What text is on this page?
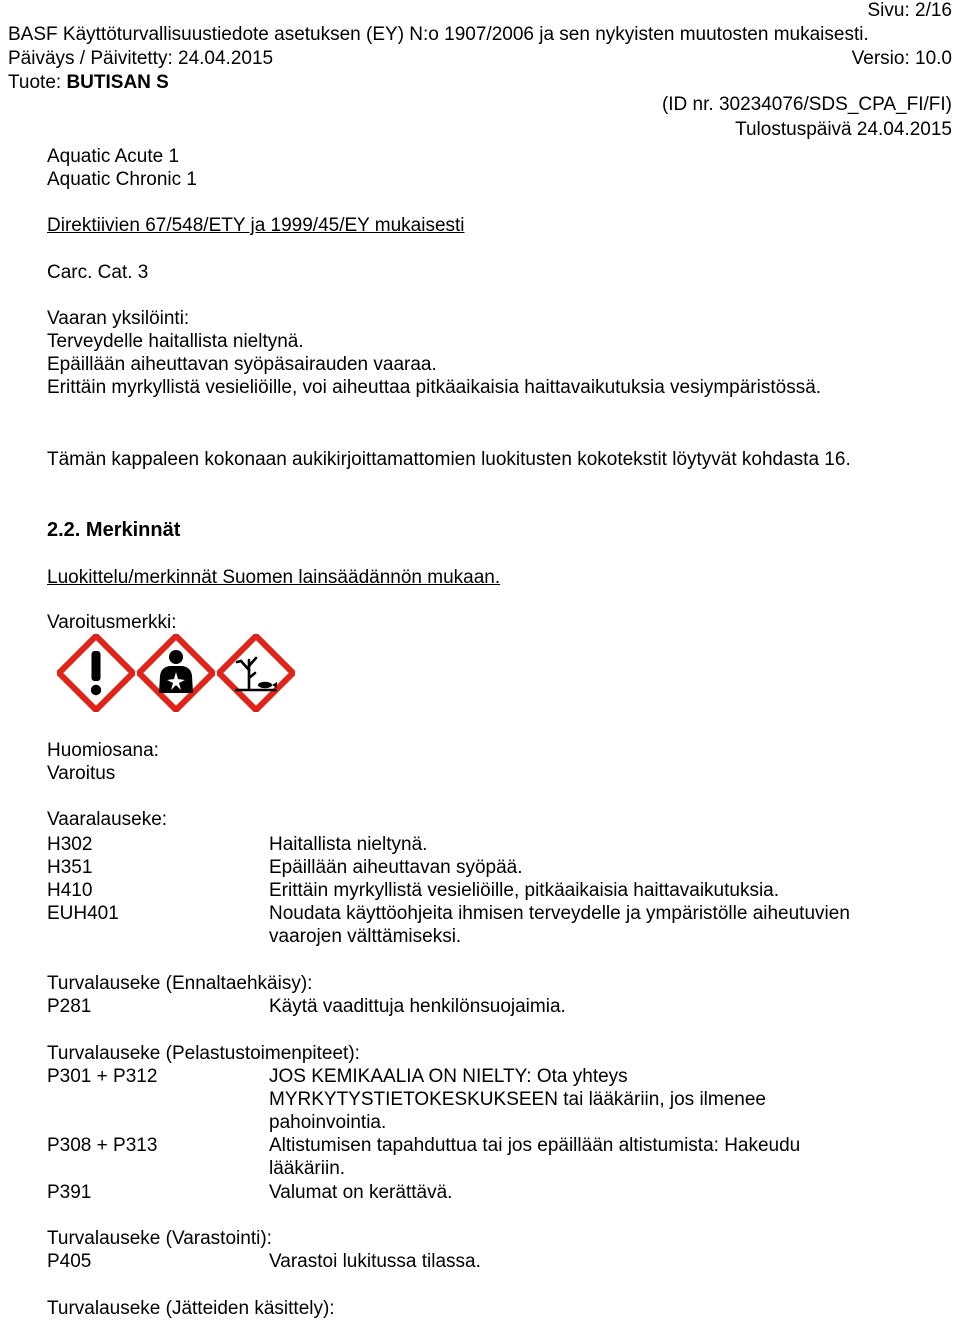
Sivu: 2/16
BASF Käyttöturvallisuustiedote asetuksen (EY) N:o 1907/2006 ja sen nykyisten muutosten mukaisesti.
Päiväys / Päivitetty: 24.04.2015	Versio: 10.0
Tuote: BUTISAN S
(ID nr. 30234076/SDS_CPA_FI/FI)
Tulostuspäivä 24.04.2015
Aquatic Acute 1
Aquatic Chronic 1
Direktiivien 67/548/ETY ja 1999/45/EY mukaisesti
Carc. Cat. 3
Vaaran yksilöinti:
Terveydelle haitallista nieltynä.
Epäillään aiheuttavan syöpäsairauden vaaraa.
Erittäin myrkyllistä vesieliöille, voi aiheuttaa pitkäaikaisia haittavaikutuksia vesiympäristössä.
Tämän kappaleen kokonaan aukikirjoittamattomien luokitusten kokotekstit löytyvät kohdasta 16.
2.2. Merkinnät
Luokittelu/merkinnät Suomen lainsäädännön mukaan.
Varoitusmerkki:
Huomiosana:
Varoitus
Vaaralauseke:
H302	Haitallista nieltynä.
H351	Epäillään aiheuttavan syöpää.
H410	Erittäin myrkyllistä vesieliöille, pitkäaikaisia haittavaikutuksia.
EUH401	Noudata käyttöohjeita ihmisen terveydelle ja ympäristölle aiheutuvien vaarojen välttämiseksi.
Turvalauseke (Ennaltaehkäisy):
P281	Käytä vaadittuja henkilönsuojaimia.
Turvalauseke (Pelastustoimenpiteet):
P301 + P312	JOS KEMIKAALIA ON NIELTY: Ota yhteys MYRKYTYSTIETOKESKUKSEEN tai lääkäriin, jos ilmenee pahoinvointia.
P308 + P313	Altistumisen tapahduttua tai jos epäillään altistumista: Hakeudu lääkäriin.
P391	Valumat on kerättävä.
Turvalauseke (Varastointi):
P405	Varastoi lukitussa tilassa.
Turvalauseke (Jätteiden käsittely):
